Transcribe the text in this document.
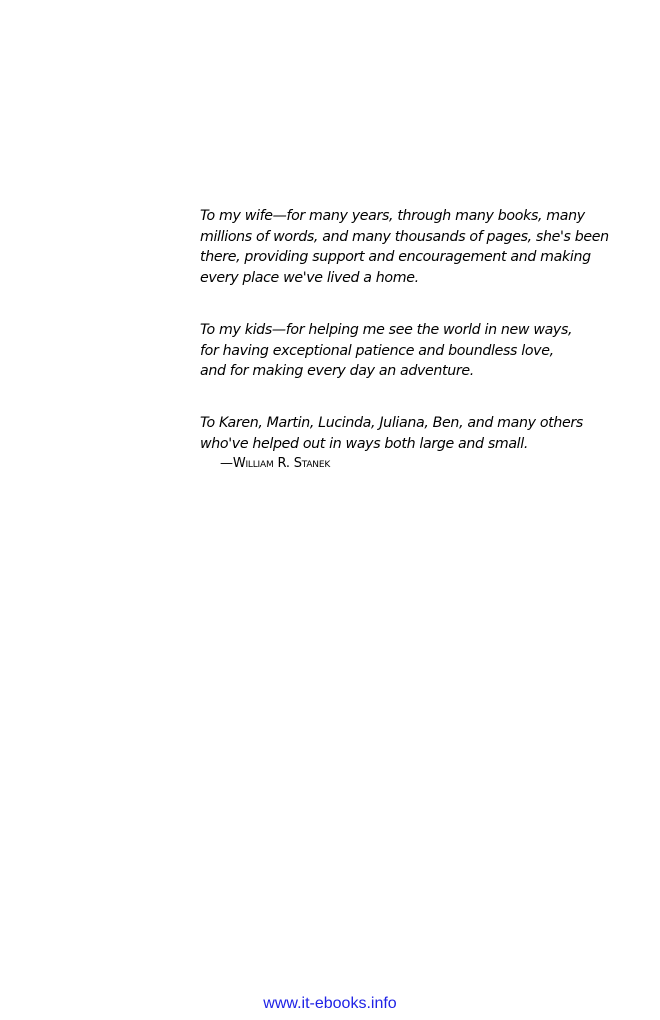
To my wife—for many years, through many books, many
millions of words, and many thousands of pages, she's been
there, providing support and encouragement and making
every place we've lived a home.

To my kids—for helping me see the world in new ways,
for having exceptional patience and boundless love,
and for making every day an adventure.

To Karen, Martin, Lucinda, Juliana, Ben, and many others
who've helped out in ways both large and small.

—William R. Stanek
www.it-ebooks.info
